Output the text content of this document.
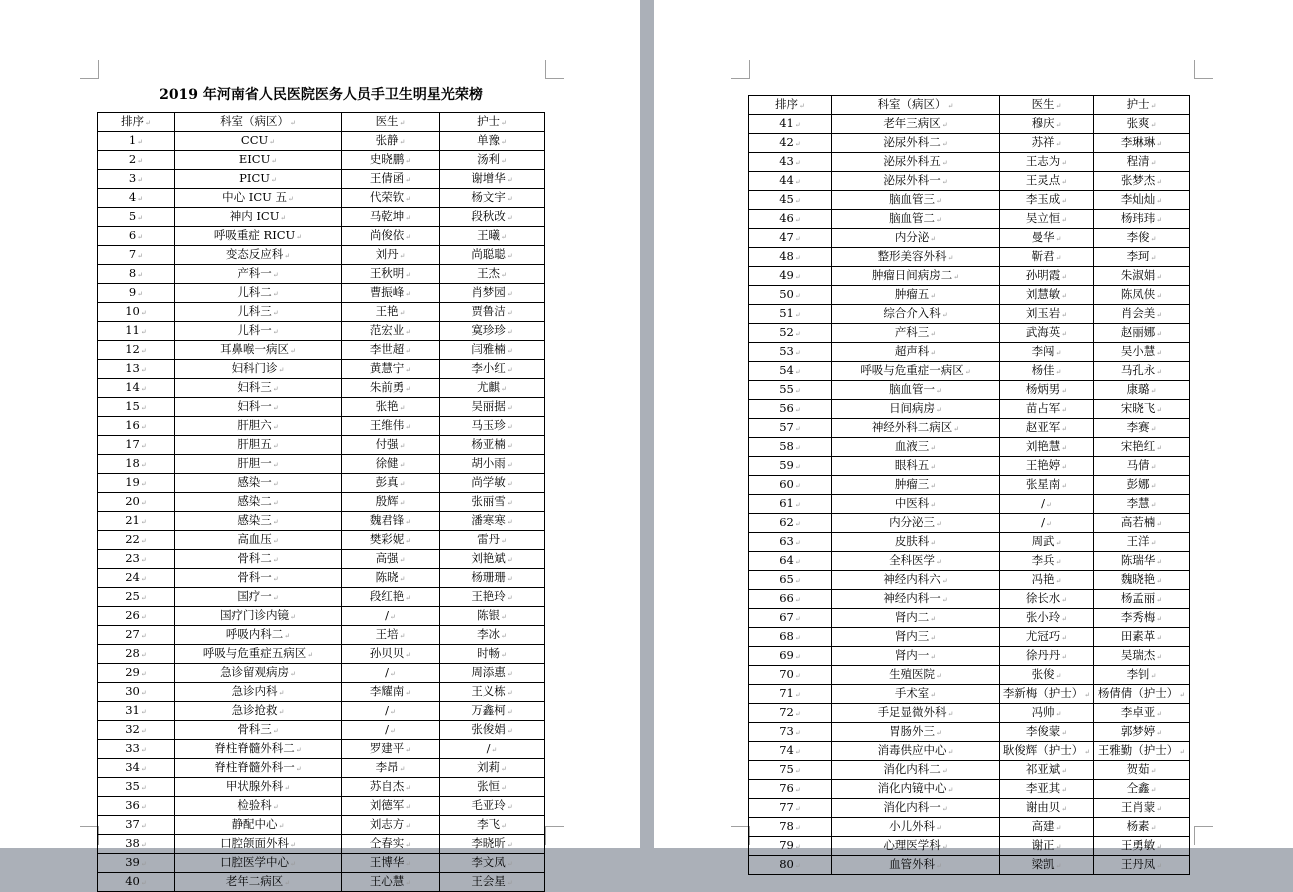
2019 年河南省人民医院医务人员手卫生明星光荣榜
排序 ↵	科室（病区） ↵	医生 ↵	护士 ↵
1 ↵	CCU ↵	张静 ↵	单豫 ↵
2 ↵	EICU ↵	史晓鹏 ↵	汤利 ↵
3 ↵	PICU ↵	王倩函 ↵	谢增华 ↵
4 ↵	中心 ICU 五 ↵	代荣钦 ↵	杨文宇 ↵
5 ↵	神内 ICU ↵	马乾坤 ↵	段秋改 ↵
6 ↵	呼吸重症 RICU ↵	尚俊依 ↵	王曦 ↵
7 ↵	变态反应科 ↵	刘丹 ↵	尚聪聪 ↵
8 ↵	产科一 ↵	王秋明 ↵	王杰 ↵
9 ↵	儿科二 ↵	曹振峰 ↵	肖梦园 ↵
10 ↵	儿科三 ↵	王艳 ↵	贾鲁洁 ↵
11 ↵	儿科一 ↵	范宏业 ↵	寞珍珍 ↵
12 ↵	耳鼻喉一病区 ↵	李世超 ↵	闫雅楠 ↵
13 ↵	妇科门诊 ↵	黄慧宁 ↵	李小红 ↵
14 ↵	妇科三 ↵	朱前勇 ↵	尤麒 ↵
15 ↵	妇科一 ↵	张艳 ↵	吴丽据 ↵
16 ↵	肝胆六 ↵	王维伟 ↵	马玉珍 ↵
17 ↵	肝胆五 ↵	付强 ↵	杨亚楠 ↵
18 ↵	肝胆一 ↵	徐健 ↵	胡小雨 ↵
19 ↵	感染一 ↵	彭真 ↵	尚学敏 ↵
20 ↵	感染二 ↵	殷辉 ↵	张丽雪 ↵
21 ↵	感染三 ↵	魏君锋 ↵	潘寒寒 ↵
22 ↵	高血压 ↵	樊彩妮 ↵	雷丹 ↵
23 ↵	骨科二 ↵	高强 ↵	刘艳斌 ↵
24 ↵	骨科一 ↵	陈晓 ↵	杨珊珊 ↵
25 ↵	国疗一 ↵	段红艳 ↵	王艳玲 ↵
26 ↵	国疗门诊内镜 ↵	/ ↵	陈银 ↵
27 ↵	呼吸内科二 ↵	王培 ↵	李冰 ↵
28 ↵	呼吸与危重症五病区 ↵	孙贝贝 ↵	时畅 ↵
29 ↵	急诊留观病房 ↵	/ ↵	周添惠 ↵
30 ↵	急诊内科 ↵	李耀南 ↵	王义栋 ↵
31 ↵	急诊抢救 ↵	/ ↵	万鑫柯 ↵
32 ↵	骨科三 ↵	/ ↵	张俊娟 ↵
33 ↵	脊柱脊髓外科二 ↵	罗建平 ↵	/ ↵
34 ↵	脊柱脊髓外科一 ↵	李昂 ↵	刘莉 ↵
35 ↵	甲状腺外科 ↵	苏自杰 ↵	张恒 ↵
36 ↵	检验科 ↵	刘德军 ↵	毛亚玲 ↵
37 ↵	静配中心 ↵	刘志方 ↵	李飞 ↵
38 ↵	口腔颌面外科 ↵	仝春实 ↵	李晓昕 ↵
39 ↵	口腔医学中心 ↵	王博华 ↵	李文凤 ↵
40 ↵	老年二病区 ↵	王心慧 ↵	王会星 ↵
排序 ↵	科室（病区） ↵	医生 ↵	护士 ↵
41 ↵	老年三病区 ↵	穆庆 ↵	张爽 ↵
42 ↵	泌尿外科二 ↵	苏祥 ↵	李琳琳 ↵
43 ↵	泌尿外科五 ↵	王志为 ↵	程清 ↵
44 ↵	泌尿外科一 ↵	王灵点 ↵	张梦杰 ↵
45 ↵	脑血管三 ↵	李玉成 ↵	李灿灿 ↵
46 ↵	脑血管二 ↵	吴立恒 ↵	杨玮玮 ↵
47 ↵	内分泌 ↵	曼华 ↵	李俊 ↵
48 ↵	整形美容外科 ↵	靳君 ↵	李珂 ↵
49 ↵	肿瘤日间病房二 ↵	孙明霞 ↵	朱淑娟 ↵
50 ↵	肿瘤五 ↵	刘慧敏 ↵	陈凤侠 ↵
51 ↵	综合介入科 ↵	刘玉岩 ↵	肖会美 ↵
52 ↵	产科三 ↵	武海英 ↵	赵丽娜 ↵
53 ↵	超声科 ↵	李闯 ↵	吴小慧 ↵
54 ↵	呼吸与危重症一病区 ↵	杨佳 ↵	马孔永 ↵
55 ↵	脑血管一 ↵	杨炳男 ↵	康璐 ↵
56 ↵	日间病房 ↵	苗占军 ↵	宋晓飞 ↵
57 ↵	神经外科二病区 ↵	赵亚军 ↵	李赛 ↵
58 ↵	血液三 ↵	刘艳慧 ↵	宋艳红 ↵
59 ↵	眼科五 ↵	王艳婷 ↵	马倩 ↵
60 ↵	肿瘤三 ↵	张星南 ↵	彭娜 ↵
61 ↵	中医科 ↵	/ ↵	李慧 ↵
62 ↵	内分泌三 ↵	/ ↵	高若楠 ↵
63 ↵	皮肤科 ↵	周武 ↵	王洋 ↵
64 ↵	全科医学 ↵	李兵 ↵	陈瑞华 ↵
65 ↵	神经内科六 ↵	冯艳 ↵	魏晓艳 ↵
66 ↵	神经内科一 ↵	徐长水 ↵	杨孟丽 ↵
67 ↵	肾内二 ↵	张小玲 ↵	李秀梅 ↵
68 ↵	肾内三 ↵	尤冠巧 ↵	田素革 ↵
69 ↵	肾内一 ↵	徐丹丹 ↵	吴瑞杰 ↵
70 ↵	生殖医院 ↵	张俊 ↵	李钊 ↵
71 ↵	手术室 ↵	李新梅（护士） ↵	杨倩倩（护士） ↵
72 ↵	手足显微外科 ↵	冯帅 ↵	李卓亚 ↵
73 ↵	胃肠外三 ↵	李俊蒙 ↵	郭梦婷 ↵
74 ↵	消毒供应中心 ↵	耿俊辉（护士） ↵	王雅勤（护士） ↵
75 ↵	消化内科二 ↵	祁亚斌 ↵	贺茹 ↵
76 ↵	消化内镜中心 ↵	李亚其 ↵	仝鑫 ↵
77 ↵	消化内科一 ↵	谢由贝 ↵	王肖蒙 ↵
78 ↵	小儿外科 ↵	高建 ↵	杨素 ↵
79 ↵	心理医学科 ↵	谢正 ↵	王勇敏 ↵
80 ↵	血管外科 ↵	梁凯 ↵	王丹凤 ↵
